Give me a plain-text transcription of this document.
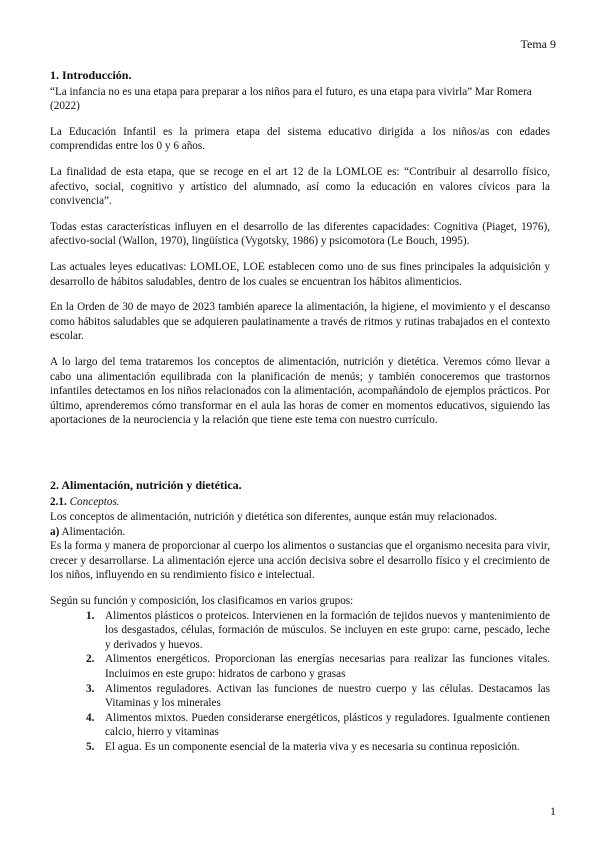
Tema 9
1. Introducción.

“La infancia no es una etapa para preparar a los niños para el futuro, es una etapa para vivirla” Mar Romera (2022)

La Educación Infantil es la primera etapa del sistema educativo dirigida a los niños/as con edades comprendidas entre los 0 y 6 años.

La finalidad de esta etapa, que se recoge en el art 12 de la LOMLOE es: “Contribuir al desarrollo físico, afectivo, social, cognitivo y artístico del alumnado, así como la educación en valores cívicos para la convivencia”.

Todas estas características influyen en el desarrollo de las diferentes capacidades: Cognitiva (Piaget, 1976), afectivo-social (Wallon, 1970), lingüística (Vygotsky, 1986) y psicomotora (Le Bouch, 1995).

Las actuales leyes educativas: LOMLOE, LOE establecen como uno de sus fines principales la adquisición y desarrollo de hábitos saludables, dentro de los cuales se encuentran los hábitos alimenticios.

En la Orden de 30 de mayo de 2023 también aparece la alimentación, la higiene, el movimiento y el descanso como hábitos saludables que se adquieren paulatinamente a través de ritmos y rutinas trabajados en el contexto escolar.

A lo largo del tema trataremos los conceptos de alimentación, nutrición y dietética. Veremos cómo llevar a cabo una alimentación equilibrada con la planificación de menús; y también conoceremos que trastornos infantiles detectamos en los niños relacionados con la alimentación, acompañándolo de ejemplos prácticos. Por último, aprenderemos cómo transformar en el aula las horas de comer en momentos educativos, siguiendo las aportaciones de la neurociencia y la relación que tiene este tema con nuestro currículo.

2. Alimentación, nutrición y dietética.
2.1. Conceptos.

Los conceptos de alimentación, nutrición y dietética son diferentes, aunque están muy relacionados.

a) Alimentación.

Es la forma y manera de proporcionar al cuerpo los alimentos o sustancias que el organismo necesita para vivir, crecer y desarrollarse. La alimentación ejerce una acción decisiva sobre el desarrollo físico y el crecimiento de los niños, influyendo en su rendimiento físico e intelectual.

Según su función y composición, los clasificamos en varios grupos:

1. Alimentos plásticos o proteicos. Intervienen en la formación de tejidos nuevos y mantenimiento de los desgastados, células, formación de músculos. Se incluyen en este grupo: carne, pescado, leche y derivados y huevos.
2. Alimentos energéticos. Proporcionan las energías necesarias para realizar las funciones vitales. Incluimos en este grupo: hidratos de carbono y grasas
3. Alimentos reguladores. Activan las funciones de nuestro cuerpo y las células. Destacamos las Vitaminas y los minerales
4. Alimentos mixtos. Pueden considerarse energéticos, plásticos y reguladores. Igualmente contienen calcio, hierro y vitaminas
5. El agua. Es un componente esencial de la materia viva y es necesaria su continua reposición.
1
